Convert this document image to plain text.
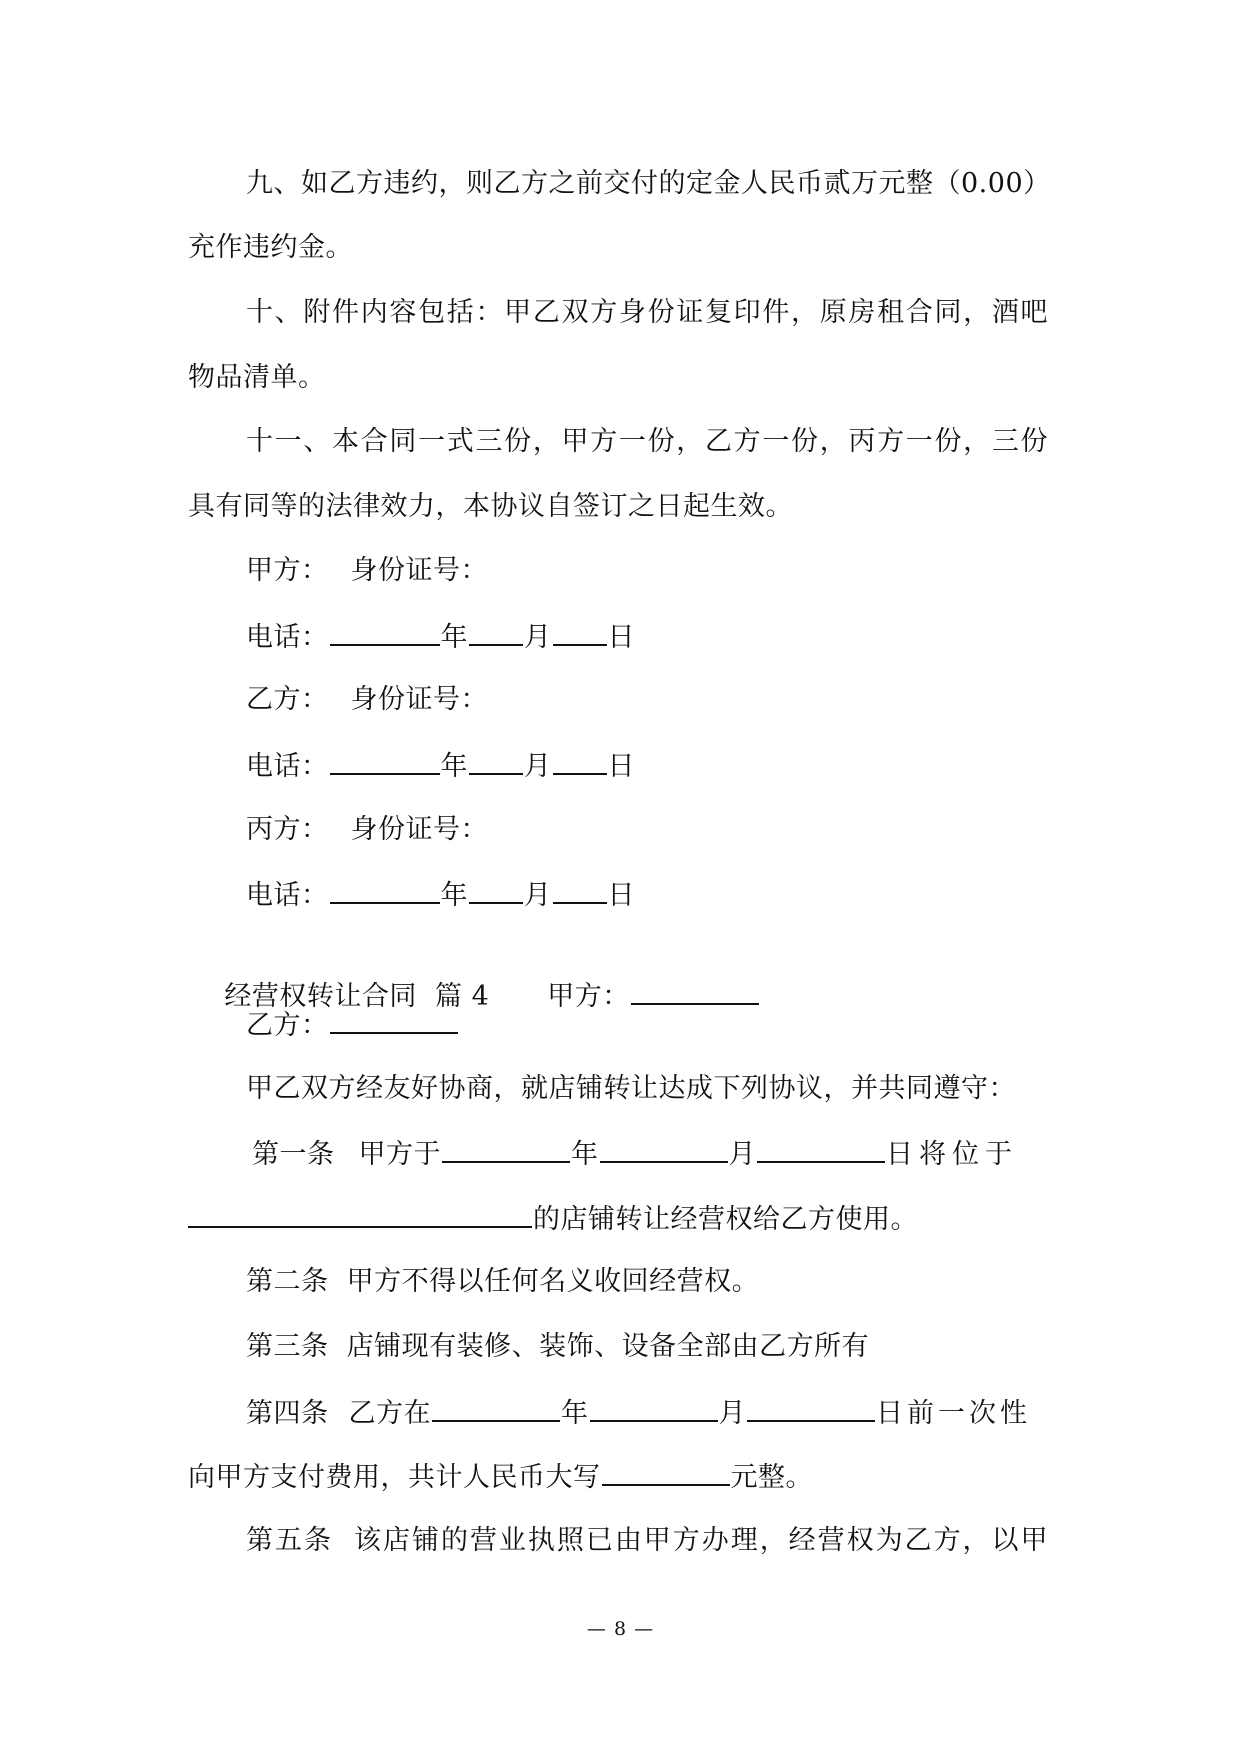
九、如乙方违约，则乙方之前交付的定金人民币贰万元整（0.00）
充作违约金。
十、附件内容包括：甲乙双方身份证复印件，原房租合同，酒吧
物品清单。
十一、本合同一式三份，甲方一份，乙方一份，丙方一份，三份
具有同等的法律效力，本协议自签订之日起生效。
甲方： 身份证号：
电话：	年 月 日
乙方： 身份证号：
电话：	年 月 日
丙方： 身份证号：
电话：	年 月 日

经营权转让合同  篇 4 甲方：

乙方：
甲乙双方经友好协商，就店铺转让达成下列协议，并共同遵守：
第一条 甲方于	年	月	日将位于
的店铺转让经营权给乙方使用。
第二条  甲方不得以任何名义收回经营权。
第三条  店铺现有装修、装饰、设备全部由乙方所有
第四条 乙方在	年	月	日前一次性
向甲方支付费用，共计人民币大写	元整。
第五条  该店铺的营业执照已由甲方办理，经营权为乙方，以甲
— 8 —
